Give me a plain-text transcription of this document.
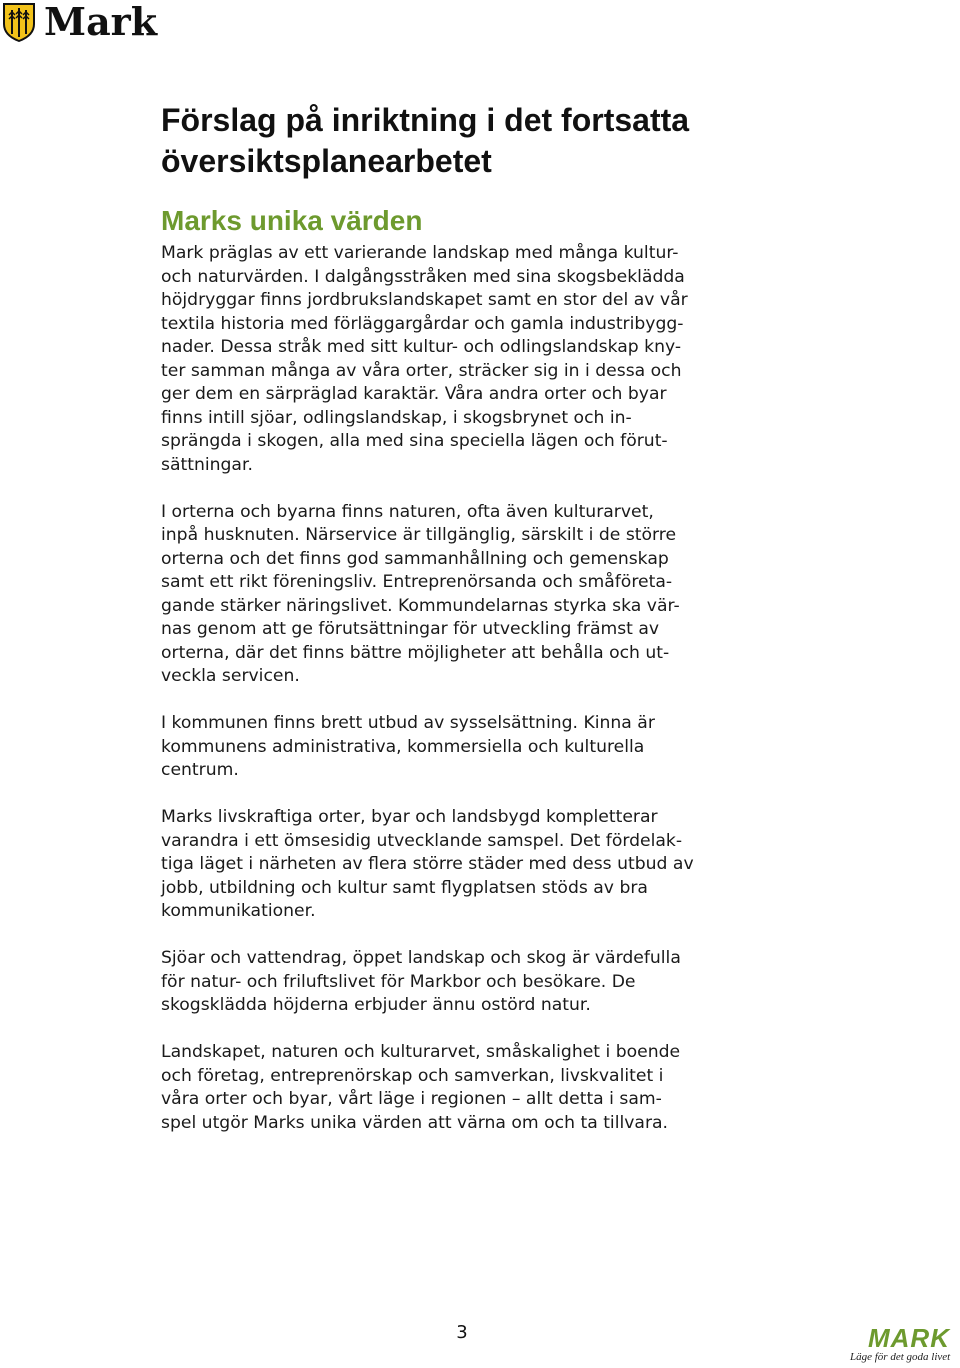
Mark
Förslag på inriktning i det fortsatta översiktsplanearbetet
Marks unika värden

Mark präglas av ett varierande landskap med många kultur-
och naturvärden. I dalgångsstråken med sina skogsbeklädda
höjdryggar finns jordbrukslandskapet samt en stor del av vår
textila historia med förläggargårdar och gamla industribygg-
nader. Dessa stråk med sitt kultur- och odlingslandskap kny-
ter samman många av våra orter, sträcker sig in i dessa och
ger dem en särpräglad karaktär. Våra andra orter och byar
finns intill sjöar, odlingslandskap, i skogsbrynet och in-
sprängda i skogen, alla med sina speciella lägen och förut-
sättningar.

I orterna och byarna finns naturen, ofta även kulturarvet,
inpå husknuten. Närservice är tillgänglig, särskilt i de större
orterna och det finns god sammanhållning och gemenskap
samt ett rikt föreningsliv. Entreprenörsanda och småföreta-
gande stärker näringslivet. Kommundelarnas styrka ska vär-
nas genom att ge förutsättningar för utveckling främst av
orterna, där det finns bättre möjligheter att behålla och ut-
veckla servicen.

I kommunen finns brett utbud av sysselsättning. Kinna är
kommunens administrativa, kommersiella och kulturella
centrum.

Marks livskraftiga orter, byar och landsbygd kompletterar
varandra i ett ömsesidig utvecklande samspel. Det fördelak-
tiga läget i närheten av flera större städer med dess utbud av
jobb, utbildning och kultur samt flygplatsen stöds av bra
kommunikationer.

Sjöar och vattendrag, öppet landskap och skog är värdefulla
för natur- och friluftslivet för Markbor och besökare. De
skogsklädda höjderna erbjuder ännu ostörd natur.

Landskapet, naturen och kulturarvet, småskalighet i boende
och företag, entreprenörskap och samverkan, livskvalitet i
våra orter och byar, vårt läge i regionen – allt detta i sam-
spel utgör Marks unika värden att värna om och ta tillvara.

3	MARK
Läge för det goda livet
